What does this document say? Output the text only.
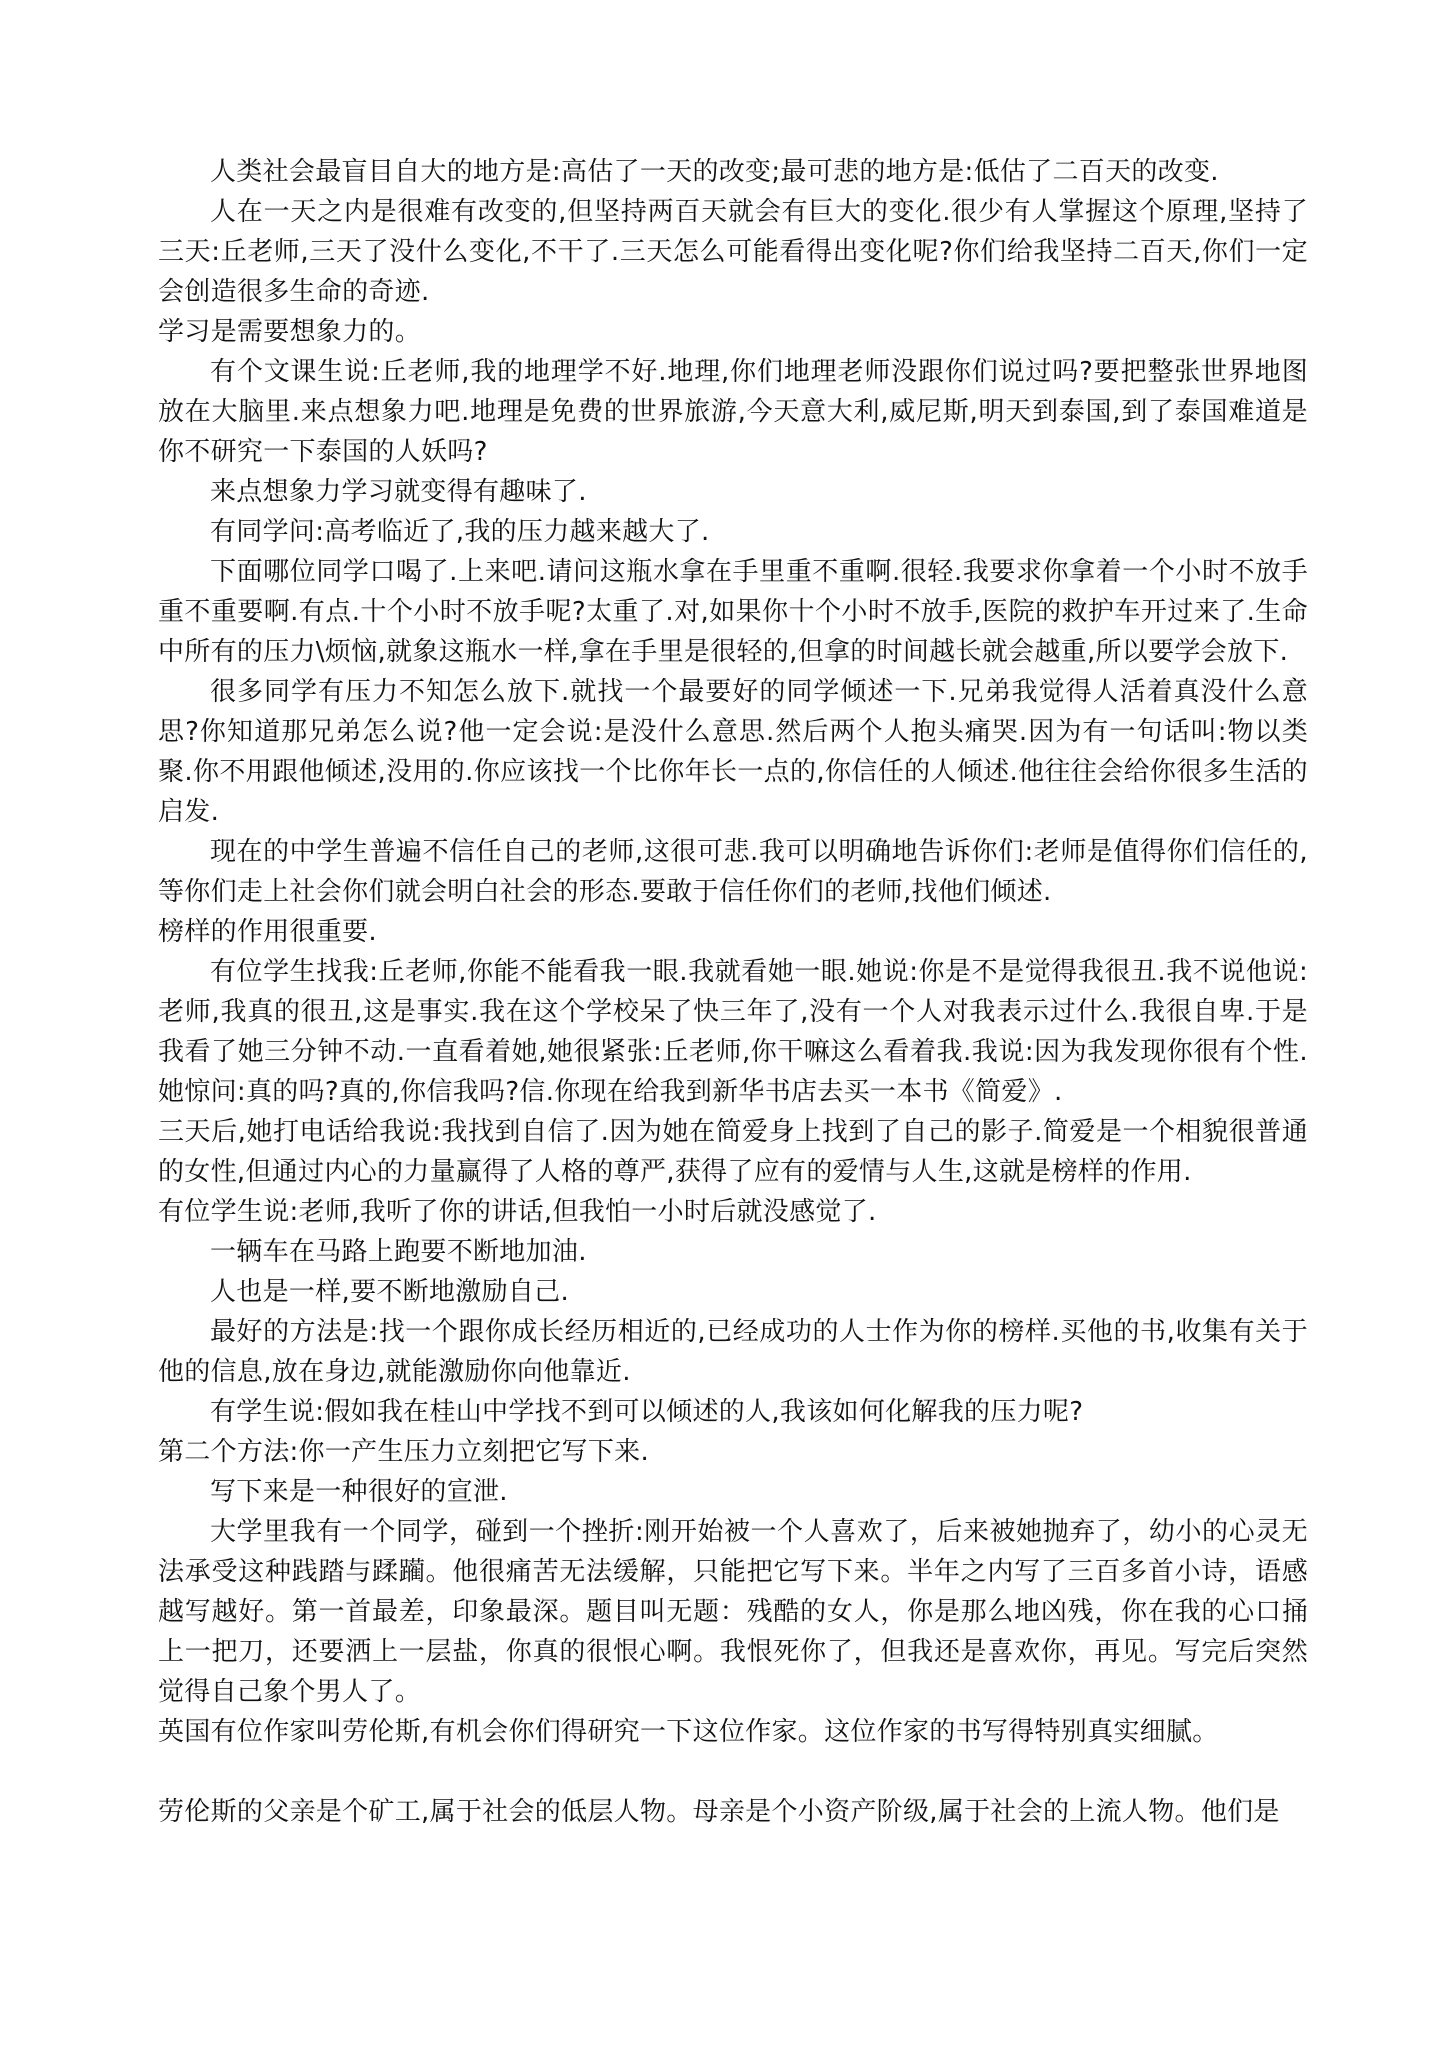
人类社会最盲目自大的地方是:高估了一天的改变;最可悲的地方是:低估了二百天的改变.

人在一天之内是很难有改变的,但坚持两百天就会有巨大的变化.很少有人掌握这个原理,坚持了三天:丘老师,三天了没什么变化,不干了.三天怎么可能看得出变化呢?你们给我坚持二百天,你们一定会创造很多生命的奇迹.

学习是需要想象力的。

有个文课生说:丘老师,我的地理学不好.地理,你们地理老师没跟你们说过吗?要把整张世界地图放在大脑里.来点想象力吧.地理是免费的世界旅游,今天意大利,威尼斯,明天到泰国,到了泰国难道是你不研究一下泰国的人妖吗?

来点想象力学习就变得有趣味了.

有同学问:高考临近了,我的压力越来越大了.

下面哪位同学口喝了.上来吧.请问这瓶水拿在手里重不重啊.很轻.我要求你拿着一个小时不放手重不重要啊.有点.十个小时不放手呢?太重了.对,如果你十个小时不放手,医院的救护车开过来了.生命中所有的压力\烦恼,就象这瓶水一样,拿在手里是很轻的,但拿的时间越长就会越重,所以要学会放下.

很多同学有压力不知怎么放下.就找一个最要好的同学倾述一下.兄弟我觉得人活着真没什么意思?你知道那兄弟怎么说?他一定会说:是没什么意思.然后两个人抱头痛哭.因为有一句话叫:物以类聚.你不用跟他倾述,没用的.你应该找一个比你年长一点的,你信任的人倾述.他往往会给你很多生活的启发.

现在的中学生普遍不信任自己的老师,这很可悲.我可以明确地告诉你们:老师是值得你们信任的,等你们走上社会你们就会明白社会的形态.要敢于信任你们的老师,找他们倾述.

榜样的作用很重要.

有位学生找我:丘老师,你能不能看我一眼.我就看她一眼.她说:你是不是觉得我很丑.我不说他说:老师,我真的很丑,这是事实.我在这个学校呆了快三年了,没有一个人对我表示过什么.我很自卑.于是我看了她三分钟不动.一直看着她,她很紧张:丘老师,你干嘛这么看着我.我说:因为我发现你很有个性.她惊问:真的吗?真的,你信我吗?信.你现在给我到新华书店去买一本书《简爱》.

三天后,她打电话给我说:我找到自信了.因为她在简爱身上找到了自己的影子.简爱是一个相貌很普通的女性,但通过内心的力量赢得了人格的尊严,获得了应有的爱情与人生,这就是榜样的作用.

有位学生说:老师,我听了你的讲话,但我怕一小时后就没感觉了.

一辆车在马路上跑要不断地加油.

人也是一样,要不断地激励自己.

最好的方法是:找一个跟你成长经历相近的,已经成功的人士作为你的榜样.买他的书,收集有关于他的信息,放在身边,就能激励你向他靠近.

有学生说:假如我在桂山中学找不到可以倾述的人,我该如何化解我的压力呢?

第二个方法:你一产生压力立刻把它写下来.

写下来是一种很好的宣泄.

大学里我有一个同学，碰到一个挫折:刚开始被一个人喜欢了，后来被她抛弃了，幼小的心灵无法承受这种践踏与蹂躏。他很痛苦无法缓解，只能把它写下来。半年之内写了三百多首小诗，语感越写越好。第一首最差，印象最深。题目叫无题：残酷的女人，你是那么地凶残，你在我的心口捅上一把刀，还要洒上一层盐，你真的很恨心啊。我恨死你了，但我还是喜欢你，再见。写完后突然觉得自己象个男人了。

英国有位作家叫劳伦斯,有机会你们得研究一下这位作家。这位作家的书写得特别真实细腻。

劳伦斯的父亲是个矿工,属于社会的低层人物。母亲是个小资产阶级,属于社会的上流人物。他们是
